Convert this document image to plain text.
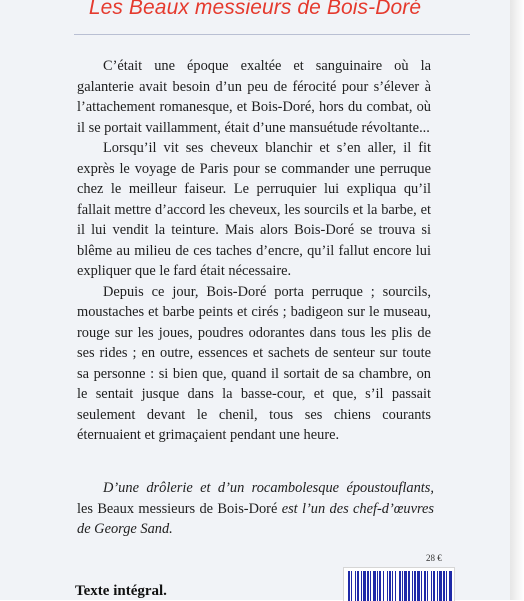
Les Beaux messieurs de Bois-Doré

C’était une époque exaltée et sanguinaire où la galanterie avait besoin d’un peu de férocité pour s’élever à l’attachement romanesque, et Bois-Doré, hors du combat, où il se portait vaillamment, était d’une mansuétude révoltante...

Lorsqu’il vit ses cheveux blanchir et s’en aller, il fit exprès le voyage de Paris pour se commander une perruque chez le meilleur faiseur. Le perruquier lui expliqua qu’il fallait mettre d’accord les cheveux, les sourcils et la barbe, et il lui vendit la teinture. Mais alors Bois-Doré se trouva si blême au milieu de ces taches d’encre, qu’il fallut encore lui expliquer que le fard était nécessaire.

Depuis ce jour, Bois-Doré porta perruque ; sourcils, moustaches et barbe peints et cirés ; badigeon sur le museau, rouge sur les joues, poudres odorantes dans tous les plis de ses rides ; en outre, essences et sachets de senteur sur toute sa personne : si bien que, quand il sortait de sa chambre, on le sentait jusque dans la basse-cour, et que, s’il passait seulement devant le chenil, tous ses chiens courants éternuaient et grimaçaient pendant une heure.

D’une drôlerie et d’un rocambolesque époustouflants, les Beaux messieurs de Bois-Doré est l’un des chef-d’œuvres de George Sand.

28 €
Texte intégral.
